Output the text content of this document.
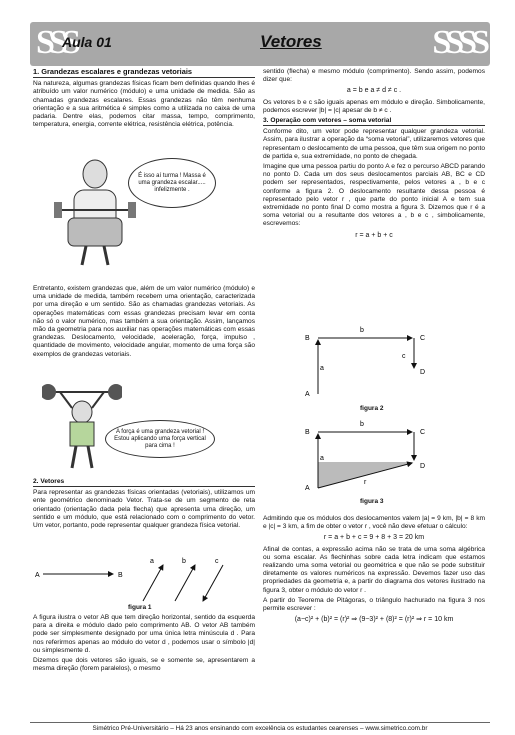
SSS
Aula 01	Vetores	SSSS
1. Grandezas escalares e grandezas vetoriais

Na natureza, algumas grandezas físicas ficam bem definidas quando lhes é atribuído um valor numérico (módulo) e uma unidade de medida. São as chamadas grandezas escalares. Essas grandezas não têm nenhuma orientação e a sua aritmética é simples como a utilizada no caixa de uma padaria. Dentre elas, podemos citar massa, tempo, comprimento, temperatura, energia, corrente elétrica, resistência elétrica, potência.

É isso aí turma ! Massa é uma grandeza escalar..... infelizmente .

Entretanto, existem grandezas que, além de um valor numérico (módulo) e uma unidade de medida, também recebem uma orientação, caracterizada por uma direção e um sentido. São as chamadas grandezas vetoriais. As operações matemáticas com essas grandezas precisam levar em conta não só o valor numérico, mas também a sua orientação. Assim, lançamos mão da geometria para nos auxiliar nas operações matemáticas com essas grandezas. Deslocamento, velocidade, aceleração, força, impulso , quantidade de movimento, velocidade angular, momento de uma força são exemplos de grandezas vetoriais.

A força é uma grandeza vetorial ! Estou aplicando uma força vertical para cima !
2. Vetores

Para representar as grandezas físicas orientadas (vetoriais), utilizamos um ente geométrico denominado Vetor. Trata-se de um segmento de reta orientado (orientação dada pela flecha) que apresenta uma direção, um sentido e um módulo, que está relacionado com o comprimento do vetor. Um vetor, portanto, pode representar qualquer grandeza física vetorial.

A	B
a	b	c
figura 1

A figura ilustra o vetor AB que tem direção horizontal, sentido da esquerda para a direita e módulo dado pelo comprimento AB. O vetor AB também pode ser simplesmente designado por uma única letra minúscula d . Para nos referirmos apenas ao módulo do vetor d , podemos usar o símbolo |d| ou simplesmente d.

Dizemos que dois vetores são iguais, se e somente se, apresentarem a mesma direção (forem paralelos), o mesmo

sentido (flecha) e mesmo módulo (comprimento). Sendo assim, podemos dizer que:

a = b e a ≠ d ≠ c .

Os vetores b e c são iguais apenas em módulo e direção. Simbolicamente, podemos escrever |b| = |c| apesar de b ≠ c .

3. Operação com vetores – soma vetorial

Conforme dito, um vetor pode representar qualquer grandeza vetorial. Assim, para ilustrar a operação da “soma vetorial”, utilizaremos vetores que representam o deslocamento de uma pessoa, que têm sua origem no ponto de partida e, sua extremidade, no ponto de chegada.

Imagine que uma pessoa partiu do ponto A e fez o percurso ABCD parando no ponto D. Cada um dos seus deslocamentos parciais AB, BC e CD podem ser representados, respectivamente, pelos vetores a , b e c conforme a figura 2. O deslocamento resultante dessa pessoa é representado pelo vetor r , que parte do ponto inicial A e tem sua extremidade no ponto final D como mostra a figura 3. Dizemos que r é a soma vetorial ou a resultante dos vetores a , b e c , simbolicamente, escrevemos:

r = a + b + c
B	C
A
D
a
b
c
figura 2
B	C
A
D
a
b
r
figura 3

Admitindo que os módulos dos deslocamentos valem |a| = 9 km, |b| = 8 km e |c| = 3 km, a fim de obter o vetor r , você não deve efetuar o cálculo:

r = a + b + c = 9 + 8 + 3 = 20 km

Afinal de contas, a expressão acima não se trata de uma soma algébrica ou soma escalar. As flechinhas sobre cada letra indicam que estamos realizando uma soma vetorial ou geométrica e que não se pode substituir diretamente os valores numéricos na expressão. Devemos fazer uso das propriedades da geometria e, a partir do diagrama dos vetores ilustrado na figura 3, obter o módulo do vetor r .

A partir do Teorema de Pitágoras, o triângulo hachurado na figura 3 nos permite escrever :

(a−c)² + (b)² = (r)² ⇒ (9−3)² + (8)² = (r)² ⇒ r = 10 km
Simétrico Pré-Universitário – Há 23 anos ensinando com excelência os estudantes cearenses – www.simetrico.com.br
